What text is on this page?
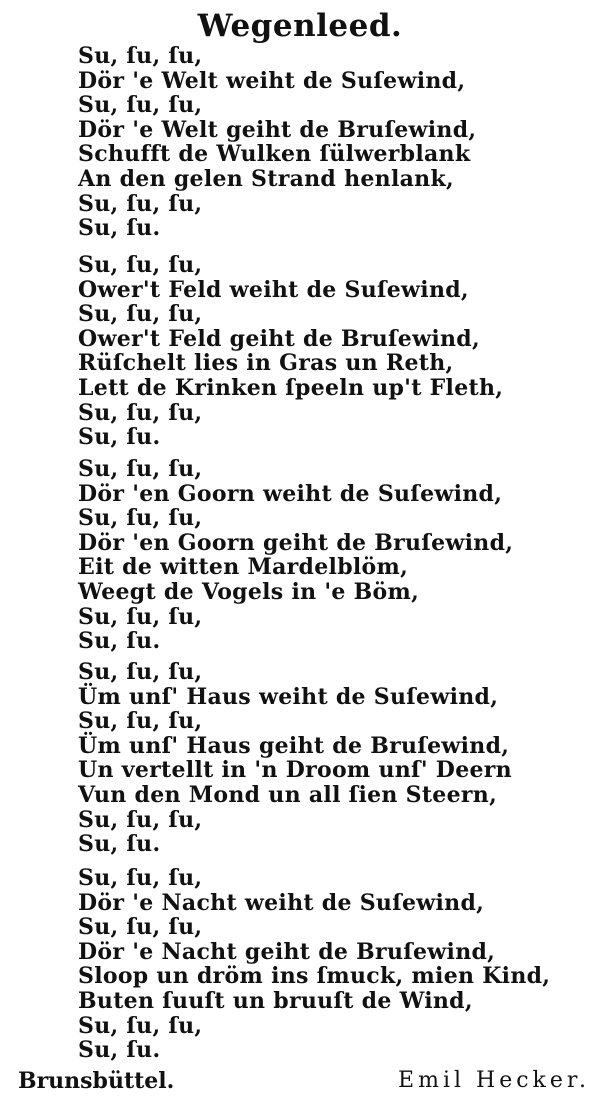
Wegenleed.
Su, ſu, ſu,
Dör 'e Welt weiht de Suſewind,
Su, ſu, ſu,
Dör 'e Welt geiht de Bruſewind,
Schufft de Wulken ſülwerblank
An den gelen Strand henlank,
Su, ſu, ſu,
Su, ſu.
Su, ſu, ſu,
Ower't Feld weiht de Suſewind,
Su, ſu, ſu,
Ower't Feld geiht de Bruſewind,
Rüſchelt lies in Gras un Reth,
Lett de Krinken ſpeeln up't Fleth,
Su, ſu, ſu,
Su, ſu.
Su, ſu, ſu,
Dör 'en Goorn weiht de Suſewind,
Su, ſu, ſu,
Dör 'en Goorn geiht de Bruſewind,
Eit de witten Mardelblöm,
Weegt de Vogels in 'e Böm,
Su, ſu, ſu,
Su, ſu.
Su, ſu, ſu,
Üm unſ' Haus weiht de Suſewind,
Su, ſu, ſu,
Üm unſ' Haus geiht de Bruſewind,
Un vertellt in 'n Droom unſ' Deern
Vun den Mond un all ſien Steern,
Su, ſu, ſu,
Su, ſu.
Su, ſu, ſu,
Dör 'e Nacht weiht de Suſewind,
Su, ſu, ſu,
Dör 'e Nacht geiht de Bruſewind,
Sloop un dröm ins ſmuck, mien Kind,
Buten ſuuſt un bruuſt de Wind,
Su, ſu, ſu,
Su, ſu.
Brunsbüttel.	Emil Hecker.
